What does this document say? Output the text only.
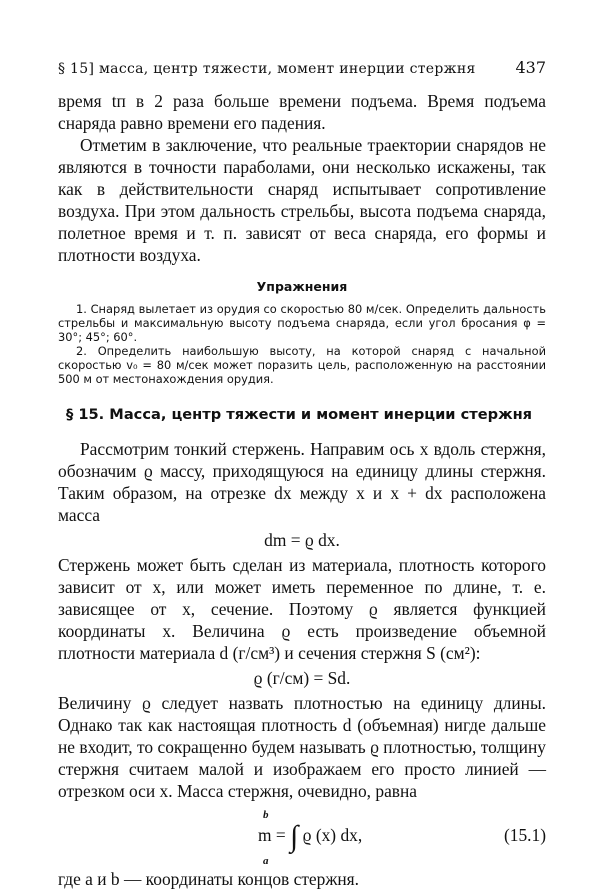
§ 15] масса, центр тяжести, момент инерции стержня 437

время tп в 2 раза больше времени подъема. Время подъема снаряда равно времени его падения.

Отметим в заключение, что реальные траектории снарядов не являются в точности параболами, они несколько искажены, так как в действительности снаряд испытывает сопротивление воздуха. При этом дальность стрельбы, высота подъема снаряда, полетное время и т. п. зависят от веса снаряда, его формы и плотности воздуха.

Упражнения

1. Снаряд вылетает из орудия со скоростью 80 м/сек. Определить дальность стрельбы и максимальную высоту подъема снаряда, если угол бросания φ = 30°; 45°; 60°.

2. Определить наибольшую высоту, на которой снаряд с начальной скоростью v₀ = 80 м/сек может поразить цель, расположенную на расстоянии 500 м от местонахождения орудия.

§ 15. Масса, центр тяжести и момент инерции стержня

Рассмотрим тонкий стержень. Направим ось x вдоль стержня, обозначим ϱ массу, приходящуюся на единицу длины стержня. Таким образом, на отрезке dx между x и x + dx расположена масса

dm = ϱ dx.

Стержень может быть сделан из материала, плотность которого зависит от x, или может иметь переменное по длине, т. е. зависящее от x, сечение. Поэтому ϱ является функцией координаты x. Величина ϱ есть произведение объемной плотности материала d (г/см³) и сечения стержня S (см²):

ϱ (г/см) = Sd.

Величину ϱ следует назвать плотностью на единицу длины. Однако так как настоящая плотность d (объемная) нигде дальше не входит, то сокращенно будем называть ϱ плотностью, толщину стержня считаем малой и изображаем его просто линией — отрезком оси x. Масса стержня, очевидно, равна

b
m = ∫ ϱ (x) dx,
a
(15.1)

где a и b — координаты концов стержня.
